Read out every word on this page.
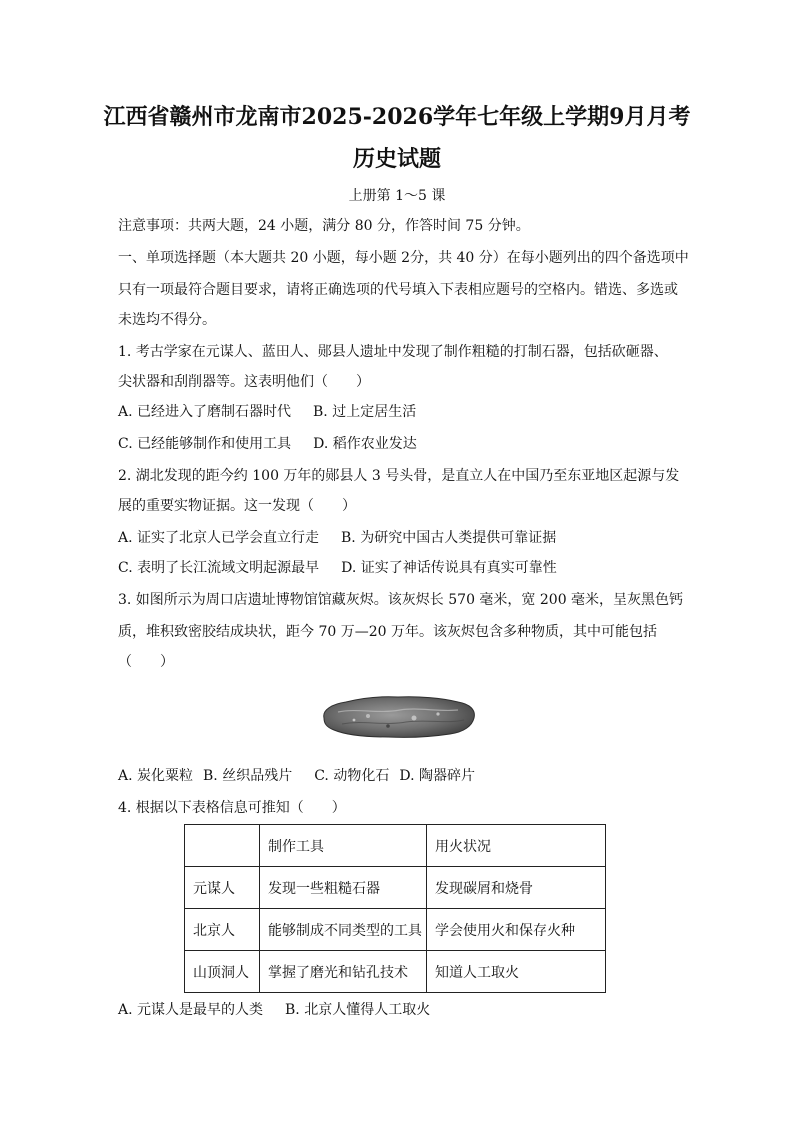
江西省赣州市龙南市2025-2026学年七年级上学期9月月考
历史试题
上册第 1～5 课
注意事项：共两大题，24 小题，满分 80 分，作答时间 75 分钟。
一、单项选择题（本大题共 20 小题，每小题 2分，共 40 分）在每小题列出的四个备选项中
只有一项最符合题目要求，请将正确选项的代号填入下表相应题号的空格内。错选、多选或
未选均不得分。
1. 考古学家在元谋人、蓝田人、郧县人遗址中发现了制作粗糙的打制石器，包括砍砸器、
尖状器和刮削器等。这表明他们（　　）
A. 已经进入了磨制石器时代 B. 过上定居生活
C. 已经能够制作和使用工具 D. 稻作农业发达
2. 湖北发现的距今约 100 万年的郧县人 3 号头骨，是直立人在中国乃至东亚地区起源与发
展的重要实物证据。这一发现（　　）
A. 证实了北京人已学会直立行走 B. 为研究中国古人类提供可靠证据
C. 表明了长江流域文明起源最早 D. 证实了神话传说具有真实可靠性
3. 如图所示为周口店遗址博物馆馆藏灰烬。该灰烬长 570 毫米，宽 200 毫米，呈灰黑色钙
质，堆积致密胶结成块状，距今 70 万—20 万年。该灰烬包含多种物质，其中可能包括
（　　）
A. 炭化粟粒 B. 丝织品残片 C. 动物化石 D. 陶器碎片
4. 根据以下表格信息可推知（　　）
	制作工具	用火状况
元谋人	发现一些粗糙石器	发现碳屑和烧骨
北京人	能够制成不同类型的工具	学会使用火和保存火种
山顶洞人	掌握了磨光和钻孔技术	知道人工取火
A. 元谋人是最早的人类 B. 北京人懂得人工取火
